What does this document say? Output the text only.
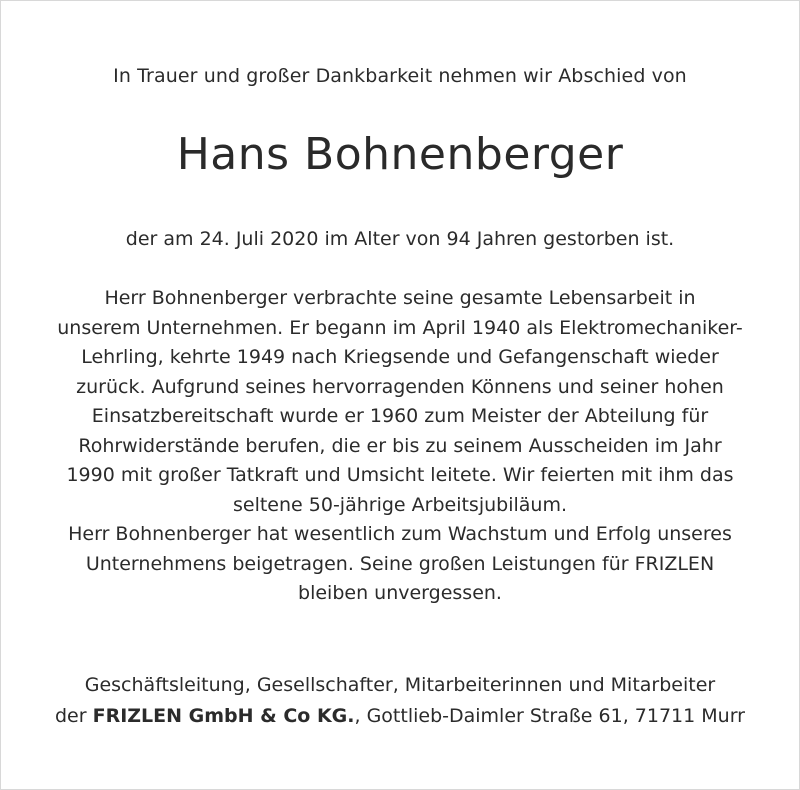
In Trauer und großer Dankbarkeit nehmen wir Abschied von
Hans Bohnenberger
der am 24. Juli 2020 im Alter von 94 Jahren gestorben ist.
Herr Bohnenberger verbrachte seine gesamte Lebensarbeit in
unserem Unternehmen. Er begann im April 1940 als Elektromechaniker-
Lehrling, kehrte 1949 nach Kriegsende und Gefangenschaft wieder
zurück. Aufgrund seines hervorragenden Könnens und seiner hohen
Einsatzbereitschaft wurde er 1960 zum Meister der Abteilung für
Rohrwiderstände berufen, die er bis zu seinem Ausscheiden im Jahr
1990 mit großer Tatkraft und Umsicht leitete. Wir feierten mit ihm das
seltene 50-jährige Arbeitsjubiläum.
Herr Bohnenberger hat wesentlich zum Wachstum und Erfolg unseres
Unternehmens beigetragen. Seine großen Leistungen für FRIZLEN
bleiben unvergessen.
Geschäftsleitung, Gesellschafter, Mitarbeiterinnen und Mitarbeiter
der FRIZLEN GmbH & Co KG., Gottlieb-Daimler Straße 61, 71711 Murr
